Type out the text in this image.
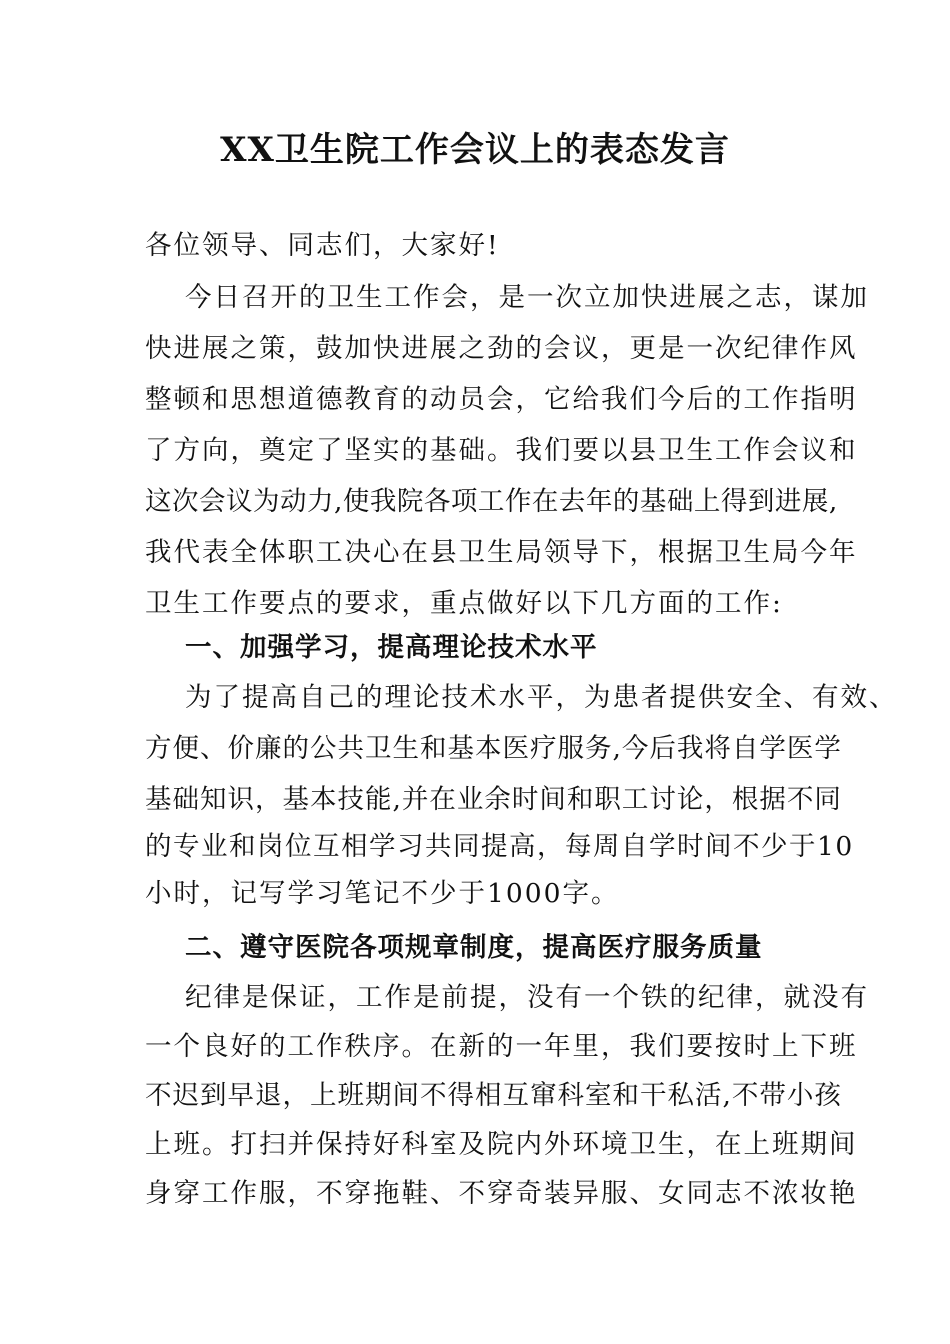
XX卫生院工作会议上的表态发言
各位领导、同志们，大家好!
今日召开的卫生工作会，是一次立加快进展之志，谋加
快进展之策，鼓加快进展之劲的会议，更是一次纪律作风
整顿和思想道德教育的动员会，它给我们今后的工作指明
了方向，奠定了坚实的基础。我们要以县卫生工作会议和
这次会议为动力,使我院各项工作在去年的基础上得到进展,
我代表全体职工决心在县卫生局领导下，根据卫生局今年
卫生工作要点的要求，重点做好以下几方面的工作:
一、加强学习，提高理论技术水平
为了提高自己的理论技术水平，为患者提供安全、有效、
方便、价廉的公共卫生和基本医疗服务,今后我将自学医学
基础知识，基本技能,并在业余时间和职工讨论，根据不同
的专业和岗位互相学习共同提高，每周自学时间不少于10
小时，记写学习笔记不少于1000字。
二、遵守医院各项规章制度，提高医疗服务质量
纪律是保证，工作是前提，没有一个铁的纪律，就没有
一个良好的工作秩序。在新的一年里，我们要按时上下班
不迟到早退，上班期间不得相互窜科室和干私活,不带小孩
上班。打扫并保持好科室及院内外环境卫生，在上班期间
身穿工作服，不穿拖鞋、不穿奇装异服、女同志不浓妆艳
